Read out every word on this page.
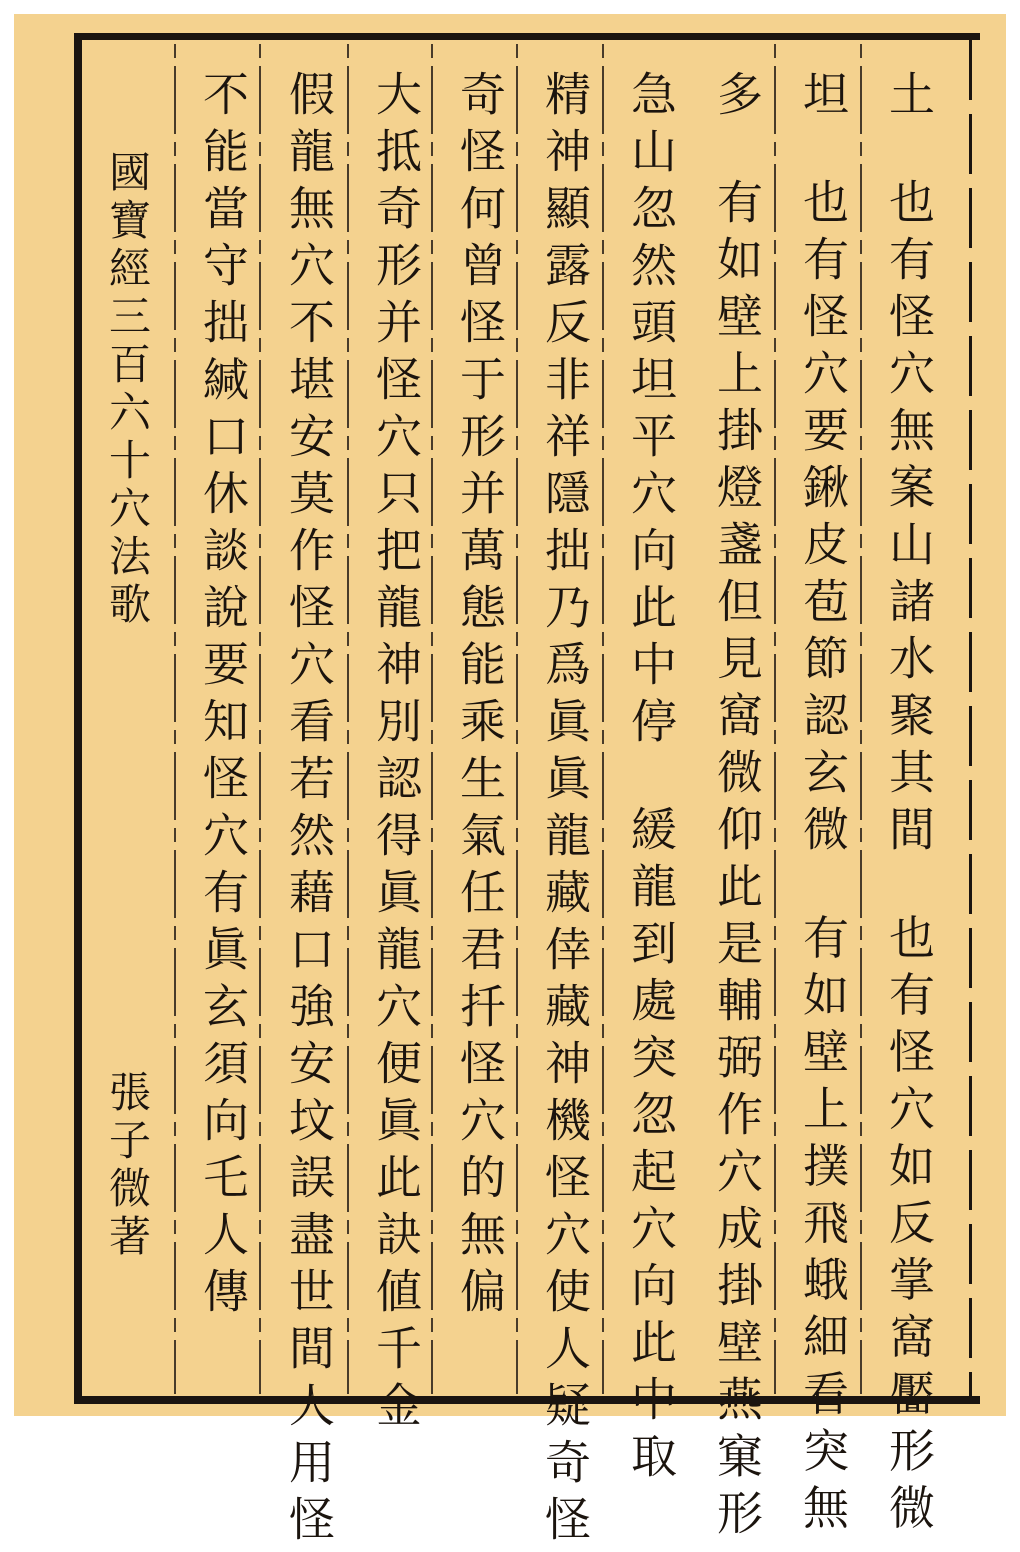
土  也有怪穴無案山諸水聚其間  也有怪穴如反掌窩靨形微
坦  也有怪穴要鍬皮苞節認玄微  有如壁上撲飛蛾細看突無
多  有如壁上掛燈盞但見窩微仰此是輔弼作穴成掛壁燕窠形
急山忽然頭坦平穴向此中停  緩龍到處突忽起穴向此中取
精神顯露反非祥隱拙乃爲眞眞龍藏倖藏神機怪穴使人疑奇怪
奇怪何曾怪于形并萬態能乘生氣任君扦怪穴的無偏
大抵奇形并怪穴只把龍神別認得眞龍穴便眞此訣値千金
假龍無穴不堪安莫作怪穴看若然藉口強安坟誤盡世間人用怪
不能當守拙緘口休談說要知怪穴有眞玄須向乇人傳
國寶經三百六十穴法歌
張子微著
